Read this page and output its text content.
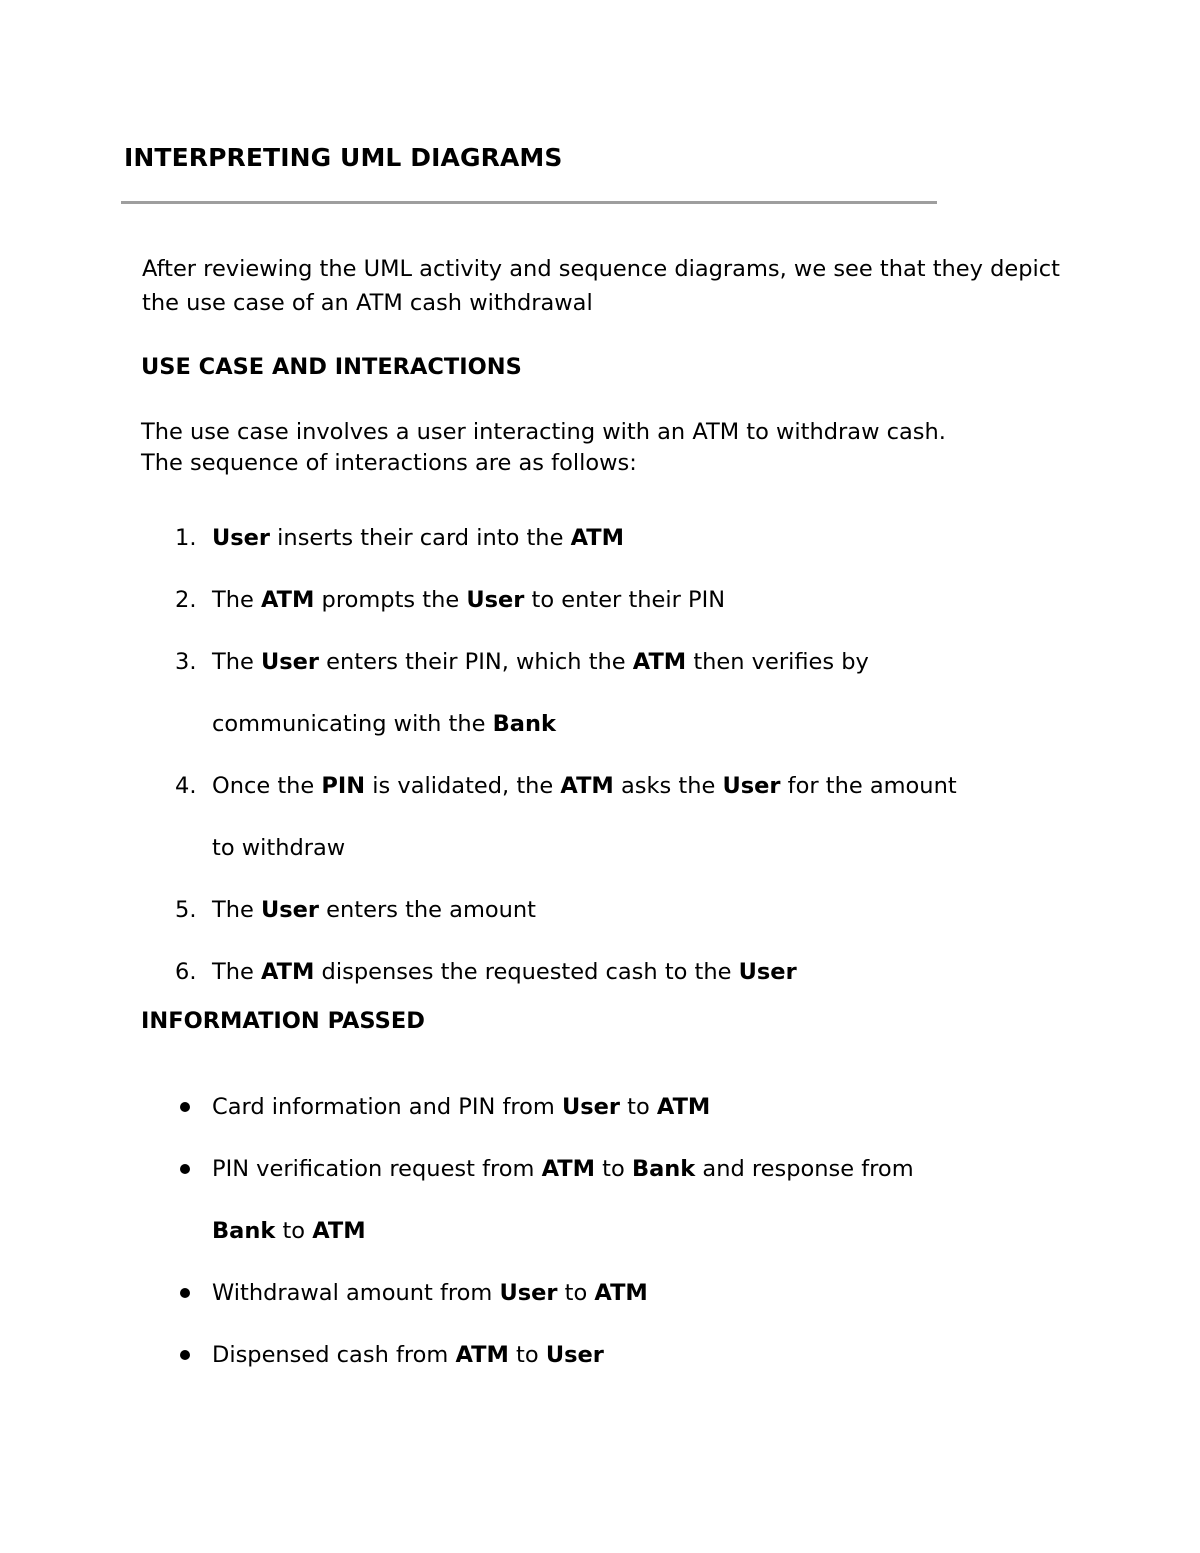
INTERPRETING UML DIAGRAMS

After reviewing the UML activity and sequence diagrams, we see that they depict the use case of an ATM cash withdrawal

USE CASE AND INTERACTIONS
The use case involves a user interacting with an ATM to withdraw cash.
The sequence of interactions are as follows:
1. User inserts their card into the ATM
2. The ATM prompts the User to enter their PIN
3. The User enters their PIN, which the ATM then verifies by
communicating with the Bank
4. Once the PIN is validated, the ATM asks the User for the amount
to withdraw
5. The User enters the amount
6. The ATM dispenses the requested cash to the User
INFORMATION PASSED
Card information and PIN from User to ATM
PIN verification request from ATM to Bank and response from
Bank to ATM
Withdrawal amount from User to ATM
Dispensed cash from ATM to User
